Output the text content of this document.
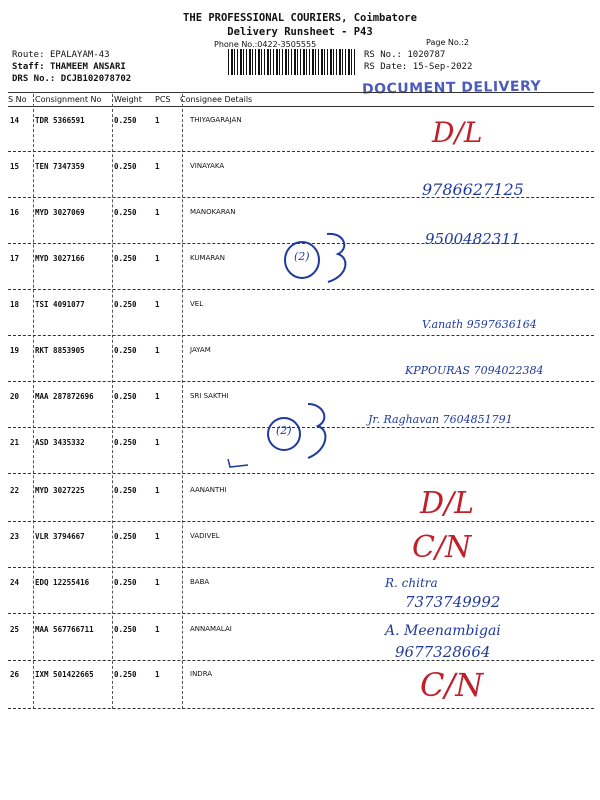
THE PROFESSIONAL COURIERS, Coimbatore
Delivery Runsheet - P43
Phone No.:0422-3505555	Page No.:2
Route: EPALAYAM-43
Staff: THAMEEM ANSARI
DRS No.: DCJB102078702
RS No.: 1020787
RS Date: 15-Sep-2022
DOCUMENT DELIVERY
S No Consignment No Weight PCS Consignee Details
14 TDR 5366591	0.250 1	THIYAGARAJAN
15 TEN 7347359	0.250 1	VINAYAKA
16 MYD 3027069	0.250 1	MANOKARAN
17 MYD 3027166	0.250 1	KUMARAN
18 TSI 4091077	0.250 1	VEL
19 RKT 8853905	0.250 1	JAYAM
20 MAA 287872696	0.250 1	SRI SAKTHI
21 ASD 3435332	0.250 1
22 MYD 3027225	0.250 1	AANANTHI
23 VLR 3794667	0.250 1	VADIVEL
24 EDQ 12255416	0.250 1	BABA
25 MAA 567766711	0.250 1	ANNAMALAI
26 IXM 501422665	0.250 1	INDRA
D/L
9786627125
9500482311
V.anath 9597636164
KPPOURAS 7094022384
Jr. Raghavan 7604851791
D/L
C/N
R. chitra
7373749992
A. Meenambigai
9677328664
C/N
(2)
(2)
